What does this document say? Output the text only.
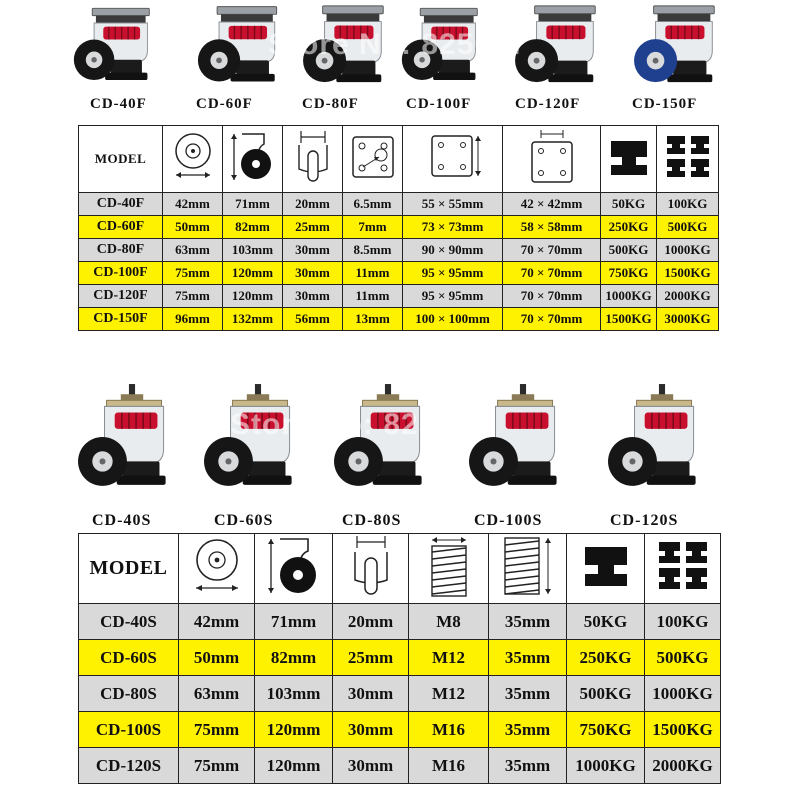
Store No: 825077
CD-40F	CD-60F	CD-80F	CD-100F	CD-120F	CD-150F
MODEL	

CD-40F	42mm	71mm	20mm	6.5mm	55 × 55mm	42 × 42mm	50KG	100KG
CD-60F	50mm	82mm	25mm	7mm	73 × 73mm	58 × 58mm	250KG	500KG
CD-80F	63mm	103mm	30mm	8.5mm	90 × 90mm	70 × 70mm	500KG	1000KG
CD-100F	75mm	120mm	30mm	11mm	95 × 95mm	70 × 70mm	750KG	1500KG
CD-120F	75mm	120mm	30mm	11mm	95 × 95mm	70 × 70mm	1000KG	2000KG
CD-150F	96mm	132mm	56mm	13mm	100 × 100mm	70 × 70mm	1500KG	3000KG
Store No: 825077
CD-40S	CD-60S	CD-80S	CD-100S	CD-120S
MODEL	

CD-40S	42mm	71mm	20mm	M8	35mm	50KG	100KG
CD-60S	50mm	82mm	25mm	M12	35mm	250KG	500KG
CD-80S	63mm	103mm	30mm	M12	35mm	500KG	1000KG
CD-100S	75mm	120mm	30mm	M16	35mm	750KG	1500KG
CD-120S	75mm	120mm	30mm	M16	35mm	1000KG	2000KG
